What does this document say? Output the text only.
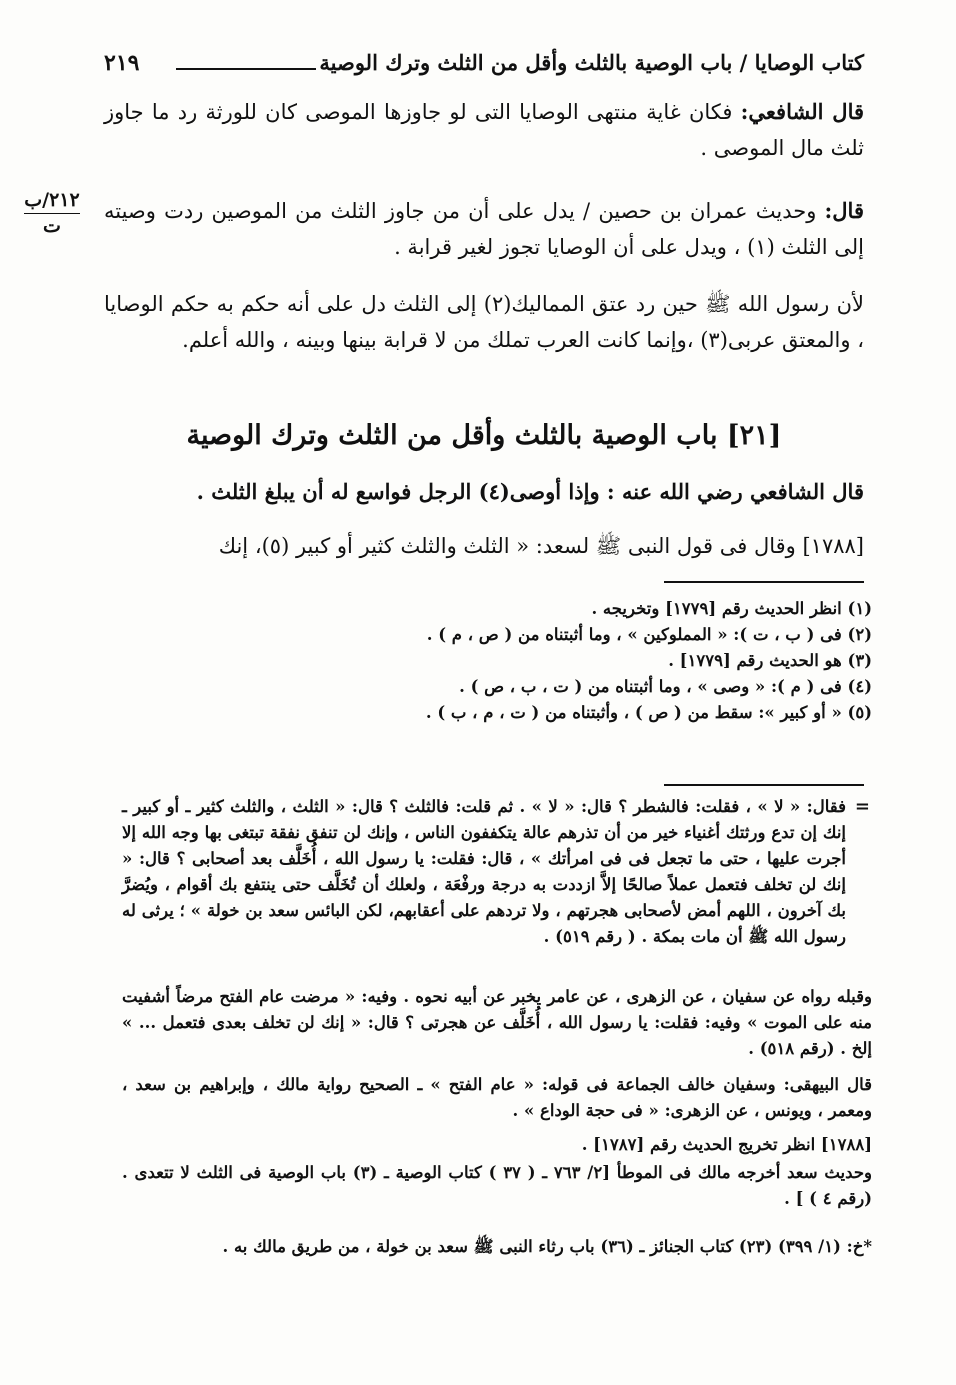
كتاب الوصايا / باب الوصية بالثلث وأقل من الثلث وترك الوصية
٢١٩
٢١٢/ب
ت
قال الشافعي: فكان غاية منتهى الوصايا التى لو جاوزها الموصى كان للورثة رد ما جاوز ثلث مال الموصى .
قال: وحديث عمران بن حصين / يدل على أن من جاوز الثلث من الموصين ردت وصيته إلى الثلث (١) ، ويدل على أن الوصايا تجوز لغير قرابة .
لأن رسول الله ﷺ حين رد عتق المماليك(٢) إلى الثلث دل على أنه حكم به حكم الوصايا ، والمعتق عربى(٣) ،وإنما كانت العرب تملك من لا قرابة بينها وبينه ، والله أعلم.
[٢١] باب الوصية بالثلث وأقل من الثلث وترك الوصية
قال الشافعي رضي الله عنه : وإذا أوصى(٤) الرجل فواسع له أن يبلغ الثلث .
[١٧٨٨] وقال فى قول النبى ﷺ لسعد: « الثلث والثلث كثير أو كبير (٥)، إنك
(١) انظر الحديث رقم [١٧٧٩] وتخريجه .
(٢) فى ( ب ، ت ): « المملوكين » ، وما أثبتناه من ( ص ، م ) .
(٣) هو الحديث رقم [١٧٧٩] .
(٤) فى ( م ): « وصى » ، وما أثبتناه من ( ت ، ب ، ص ) .
(٥) « أو كبير »: سقط من ( ص ) ، وأثبتناه من ( ت ، م ، ب ) .
=
فقال: « لا » ، فقلت: فالشطر ؟ قال: « لا » . ثم قلت: فالثلث ؟ قال: « الثلث ، والثلث كثير ـ أو كبير ـ إنك إن تدع ورثتك أغنياء خير من أن تذرهم عالة يتكففون الناس ، وإنك لن تنفق نفقة تبتغى بها وجه الله إلا أجرت عليها ، حتى ما تجعل فى فى امرأتك » ، قال: فقلت: يا رسول الله ، أُخَلَّف بعد أصحابى ؟ قال: « إنك لن تخلف فتعمل عملاً صالحًا إلاَّ ازددت به درجة ورفْعَة ، ولعلك أن تُخَلَّف حتى ينتفع بك أقوام ، ويُضرَّ بك آخرون ، اللهم أمض لأصحابى هجرتهم ، ولا تردهم على أعقابهم، لكن البائس سعد بن خولة » ؛ يرثى له رسول الله ﷺ أن مات بمكة . ( رقم ٥١٩) .
وقبله رواه عن سفيان ، عن الزهرى ، عن عامر يخبر عن أبيه نحوه . وفيه: « مرضت عام الفتح مرضاً أشفيت منه على الموت » وفيه: فقلت: يا رسول الله ، أُخَلَّف عن هجرتى ؟ قال: « إنك لن تخلف بعدى فتعمل ... » إلخ . (رقم ٥١٨) .
قال البيهقى: وسفيان خالف الجماعة فى قوله: « عام الفتح » ـ الصحيح رواية مالك ، وإبراهيم بن سعد ، ومعمر ، ويونس ، عن الزهرى: « فى حجة الوداع » .
[١٧٨٨] انظر تخريج الحديث رقم [١٧٨٧] .
وحديث سعد أخرجه مالك فى الموطأ [٢/ ٧٦٣ ـ ( ٣٧ ) كتاب الوصية ـ (٣) باب الوصية فى الثلث لا تتعدى . (رقم ٤ ) ] .
*خ: (١/ ٣٩٩) (٢٣) كتاب الجنائز ـ (٣٦) باب رثاء النبى ﷺ سعد بن خولة ، من طريق مالك به .
